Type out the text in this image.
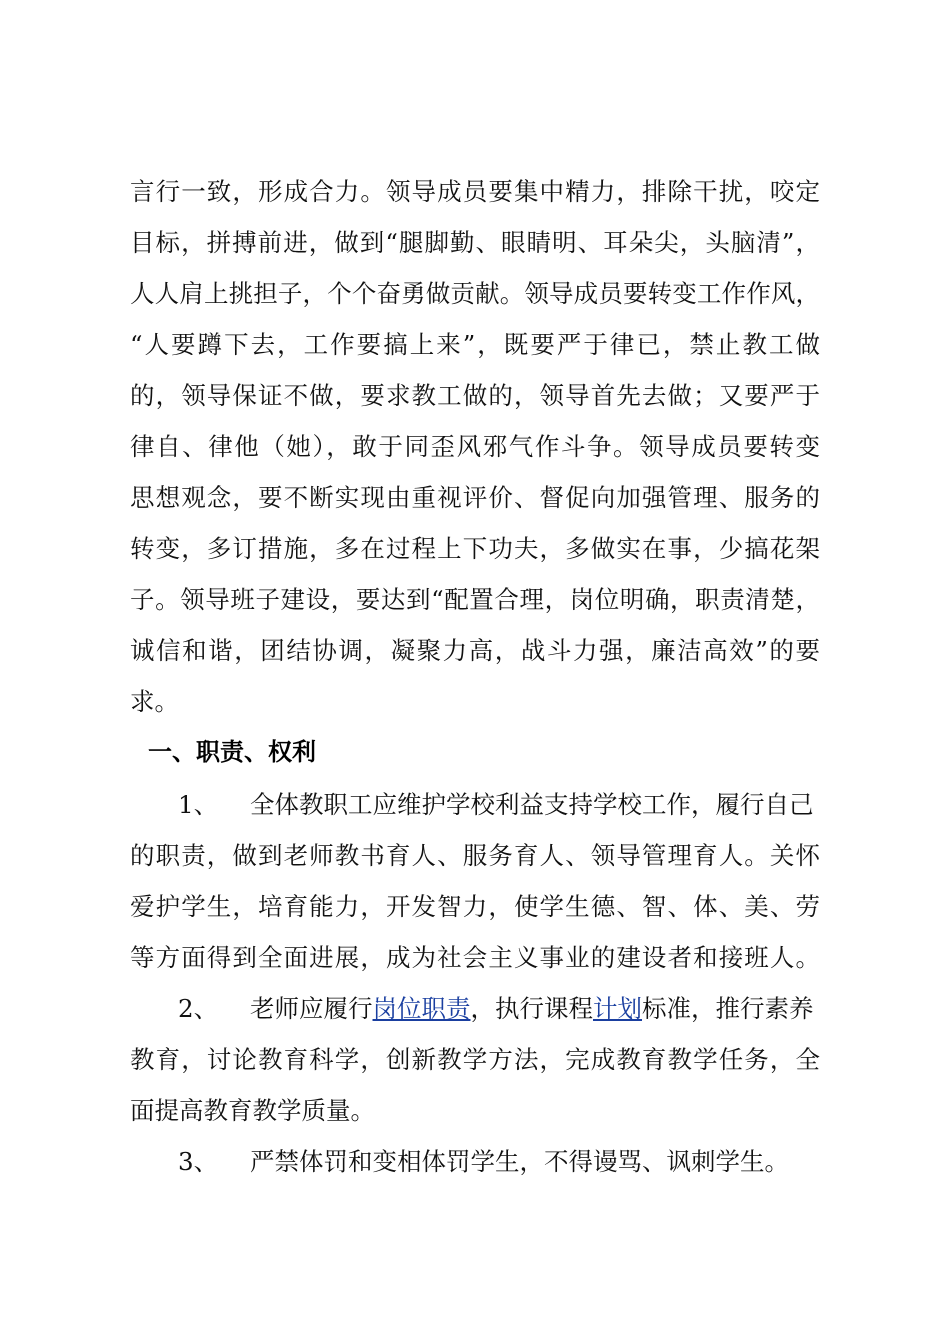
言行一致，形成合力。领导成员要集中精力，排除干扰，咬定
目标，拼搏前进，做到“腿脚勤、眼睛明、耳朵尖，头脑清”，
人人肩上挑担子，个个奋勇做贡献。领导成员要转变工作作风，
“人要蹲下去，工作要搞上来”，既要严于律已，禁止教工做
的，领导保证不做，要求教工做的，领导首先去做；又要严于
律自、律他（她），敢于同歪风邪气作斗争。领导成员要转变
思想观念，要不断实现由重视评价、督促向加强管理、服务的
转变，多订措施，多在过程上下功夫，多做实在事，少搞花架
子。领导班子建设，要达到“配置合理，岗位明确，职责清楚，
诚信和谐，团结协调，凝聚力高，战斗力强，廉洁高效”的要
求。
一、职责、权利
1、 全体教职工应维护学校利益支持学校工作，履行自己
的职责，做到老师教书育人、服务育人、领导管理育人。关怀
爱护学生，培育能力，开发智力，使学生德、智、体、美、劳
等方面得到全面进展，成为社会主义事业的建设者和接班人。
2、 老师应履行岗位职责，执行课程计划标准，推行素养
教育，讨论教育科学，创新教学方法，完成教育教学任务，全
面提高教育教学质量。
3、 严禁体罚和变相体罚学生，不得谩骂、讽刺学生。
